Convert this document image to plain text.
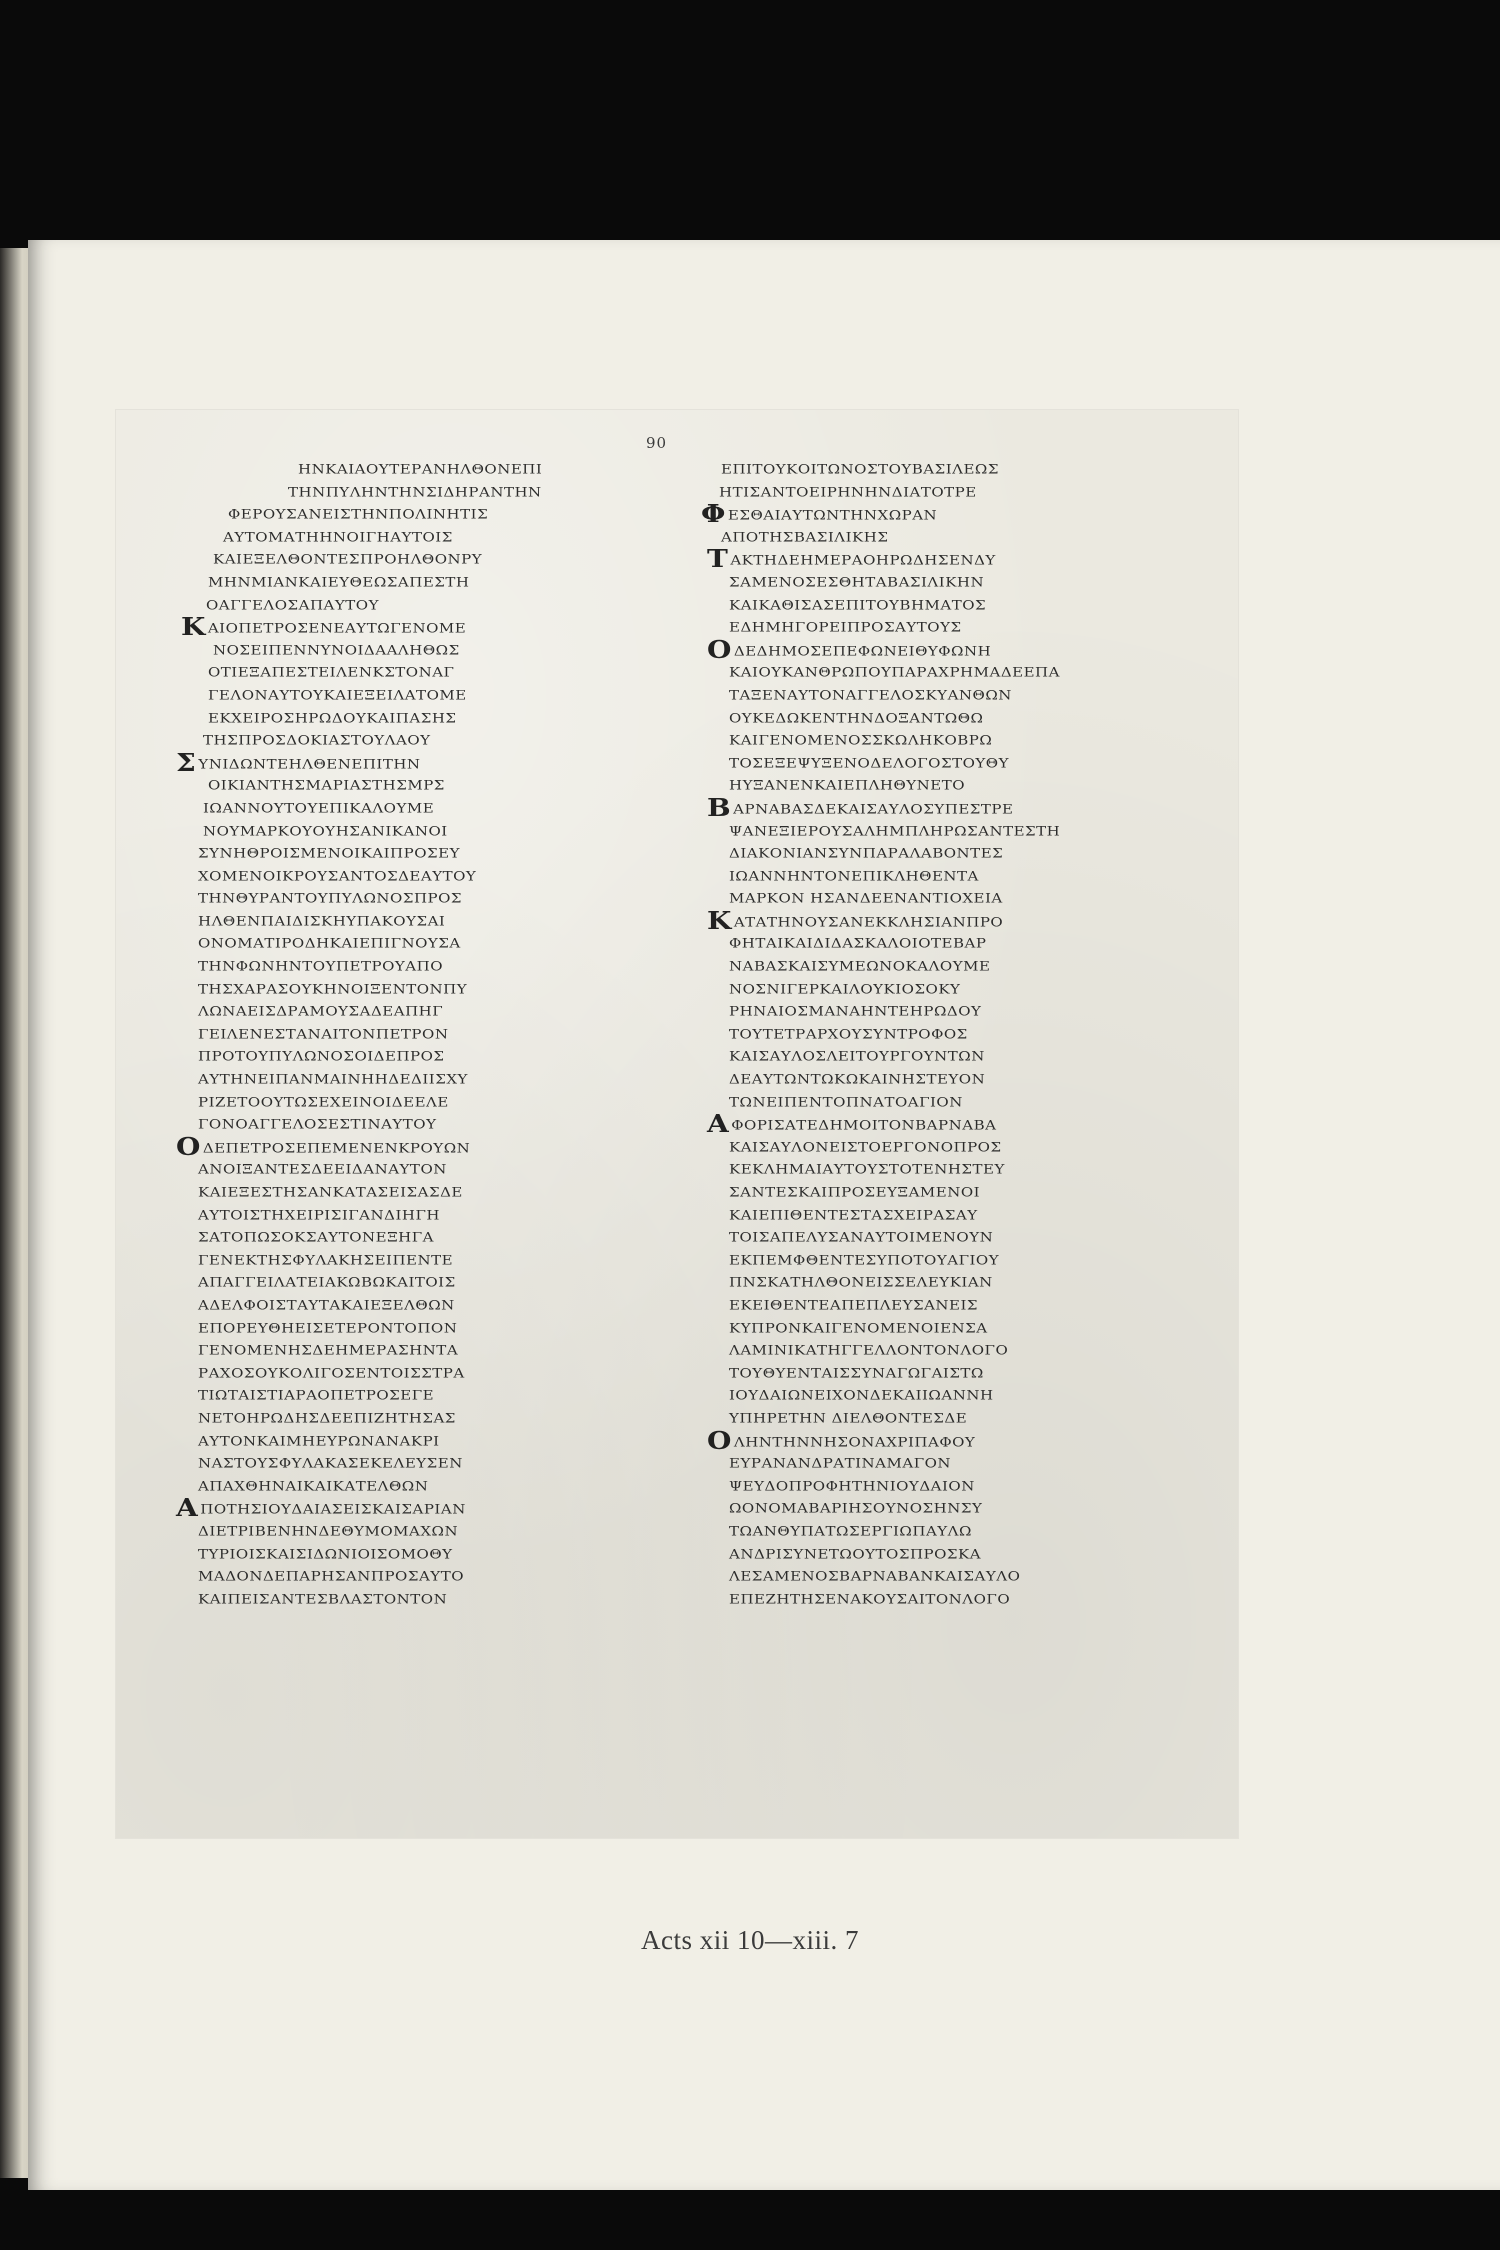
90
ΗΝΚΑΙΑΟΥΤΕΡΑΝΗΛΘΟΝΕΠΙ
ΤΗΝΠΥΛΗΝΤΗΝΣΙΔΗΡΑΝΤΗΝ
ΦΕΡΟΥΣΑΝΕΙΣΤΗΝΠΟΛΙΝΗΤΙΣ
ΑΥΤΟΜΑΤΗΗΝΟΙΓΗΑΥΤΟΙΣ
ΚΑΙΕΞΕΛΘΟΝΤΕΣΠΡΟΗΛΘΟΝΡΥ
ΜΗΝΜΙΑΝΚΑΙΕΥΘΕΩΣΑΠΕΣΤΗ
ΟΑΓΓΕΛΟΣΑΠΑΥΤΟΥ
Κ ΑΙΟΠΕΤΡΟΣΕΝΕΑΥΤΩΓΕΝΟΜΕ
ΝΟΣΕΙΠΕΝΝΥΝΟΙΔΑΑΛΗΘΩΣ
ΟΤΙΕΞΑΠΕΣΤΕΙΛΕΝΚΣΤΟΝΑΓ
ΓΕΛΟΝΑΥΤΟΥΚΑΙΕΞΕΙΛΑΤΟΜΕ
ΕΚΧΕΙΡΟΣΗΡΩΔΟΥΚΑΙΠΑΣΗΣ
ΤΗΣΠΡΟΣΔΟΚΙΑΣΤΟΥΛΑΟΥ
Σ ΥΝΙΔΩΝΤΕΗΛΘΕΝΕΠΙΤΗΝ
ΟΙΚΙΑΝΤΗΣΜΑΡΙΑΣΤΗΣΜΡΣ
ΙΩΑΝΝΟΥΤΟΥΕΠΙΚΑΛΟΥΜΕ
ΝΟΥΜΑΡΚΟΥΟΥΗΣΑΝΙΚΑΝΟΙ
ΣΥΝΗΘΡΟΙΣΜΕΝΟΙΚΑΙΠΡΟΣΕΥ
ΧΟΜΕΝΟΙΚΡΟΥΣΑΝΤΟΣΔΕΑΥΤΟΥ
ΤΗΝΘΥΡΑΝΤΟΥΠΥΛΩΝΟΣΠΡΟΣ
ΗΛΘΕΝΠΑΙΔΙΣΚΗΥΠΑΚΟΥΣΑΙ
ΟΝΟΜΑΤΙΡΟΔΗΚΑΙΕΠΙΓΝΟΥΣΑ
ΤΗΝΦΩΝΗΝΤΟΥΠΕΤΡΟΥΑΠΟ
ΤΗΣΧΑΡΑΣΟΥΚΗΝΟΙΞΕΝΤΟΝΠΥ
ΛΩΝΑΕΙΣΔΡΑΜΟΥΣΑΔΕΑΠΗΓ
ΓΕΙΛΕΝΕΣΤΑΝΑΙΤΟΝΠΕΤΡΟΝ
ΠΡΟΤΟΥΠΥΛΩΝΟΣΟΙΔΕΠΡΟΣ
ΑΥΤΗΝΕΙΠΑΝΜΑΙΝΗΗΔΕΔΙΙΣΧΥ
ΡΙΖΕΤΟΟΥΤΩΣΕΧΕΙΝΟΙΔΕΕΛΕ
ΓΟΝΟΑΓΓΕΛΟΣΕΣΤΙΝΑΥΤΟΥ
Ο ΔΕΠΕΤΡΟΣΕΠΕΜΕΝΕΝΚΡΟΥΩΝ
ΑΝΟΙΞΑΝΤΕΣΔΕΕΙΔΑΝΑΥΤΟΝ
ΚΑΙΕΞΕΣΤΗΣΑΝΚΑΤΑΣΕΙΣΑΣΔΕ
ΑΥΤΟΙΣΤΗΧΕΙΡΙΣΙΓΑΝΔΙΗΓΗ
ΣΑΤΟΠΩΣΟΚΣΑΥΤΟΝΕΞΗΓΑ
ΓΕΝΕΚΤΗΣΦΥΛΑΚΗΣΕΙΠΕΝΤΕ
ΑΠΑΓΓΕΙΛΑΤΕΙΑΚΩΒΩΚΑΙΤΟΙΣ
ΑΔΕΛΦΟΙΣΤΑΥΤΑΚΑΙΕΞΕΛΘΩΝ
ΕΠΟΡΕΥΘΗΕΙΣΕΤΕΡΟΝΤΟΠΟΝ
ΓΕΝΟΜΕΝΗΣΔΕΗΜΕΡΑΣΗΝΤΑ
ΡΑΧΟΣΟΥΚΟΛΙΓΟΣΕΝΤΟΙΣΣΤΡΑ
ΤΙΩΤΑΙΣΤΙΑΡΑΟΠΕΤΡΟΣΕΓΕ
ΝΕΤΟΗΡΩΔΗΣΔΕΕΠΙΖΗΤΗΣΑΣ
ΑΥΤΟΝΚΑΙΜΗΕΥΡΩΝΑΝΑΚΡΙ
ΝΑΣΤΟΥΣΦΥΛΑΚΑΣΕΚΕΛΕΥΣΕΝ
ΑΠΑΧΘΗΝΑΙΚΑΙΚΑΤΕΛΘΩΝ
Α ΠΟΤΗΣΙΟΥΔΑΙΑΣΕΙΣΚΑΙΣΑΡΙΑΝ
ΔΙΕΤΡΙΒΕΝΗΝΔΕΘΥΜΟΜΑΧΩΝ
ΤΥΡΙΟΙΣΚΑΙΣΙΔΩΝΙΟΙΣΟΜΟΘΥ
ΜΑΔΟΝΔΕΠΑΡΗΣΑΝΠΡΟΣΑΥΤΟ
ΚΑΙΠΕΙΣΑΝΤΕΣΒΛΑΣΤΟΝΤΟΝ
ΕΠΙΤΟΥΚΟΙΤΩΝΟΣΤΟΥΒΑΣΙΛΕΩΣ
ΗΤΙΣΑΝΤΟΕΙΡΗΝΗΝΔΙΑΤΟΤΡΕ
Φ ΕΣΘΑΙΑΥΤΩΝΤΗΝΧΩΡΑΝ
ΑΠΟΤΗΣΒΑΣΙΛΙΚΗΣ
Τ ΑΚΤΗΔΕΗΜΕΡΑΟΗΡΩΔΗΣΕΝΔΥ
ΣΑΜΕΝΟΣΕΣΘΗΤΑΒΑΣΙΛΙΚΗΝ
ΚΑΙΚΑΘΙΣΑΣΕΠΙΤΟΥΒΗΜΑΤΟΣ
ΕΔΗΜΗΓΟΡΕΙΠΡΟΣΑΥΤΟΥΣ
Ο ΔΕΔΗΜΟΣΕΠΕΦΩΝΕΙΘΥΦΩΝΗ
ΚΑΙΟΥΚΑΝΘΡΩΠΟΥΠΑΡΑΧΡΗΜΑΔΕΕΠΑ
ΤΑΞΕΝΑΥΤΟΝΑΓΓΕΛΟΣΚΥΑΝΘΩΝ
ΟΥΚΕΔΩΚΕΝΤΗΝΔΟΞΑΝΤΩΘΩ
ΚΑΙΓΕΝΟΜΕΝΟΣΣΚΩΛΗΚΟΒΡΩ
ΤΟΣΕΞΕΨΥΞΕΝΟΔΕΛΟΓΟΣΤΟΥΘΥ
ΗΥΞΑΝΕΝΚΑΙΕΠΛΗΘΥΝΕΤΟ
Β ΑΡΝΑΒΑΣΔΕΚΑΙΣΑΥΛΟΣΥΠΕΣΤΡΕ
ΨΑΝΕΞΙΕΡΟΥΣΑΛΗΜΠΛΗΡΩΣΑΝΤΕΣΤΗ
ΔΙΑΚΟΝΙΑΝΣΥΝΠΑΡΑΛΑΒΟΝΤΕΣ
ΙΩΑΝΝΗΝΤΟΝΕΠΙΚΛΗΘΕΝΤΑ
ΜΑΡΚΟΝ ΗΣΑΝΔΕΕΝΑΝΤΙΟΧΕΙΑ
Κ ΑΤΑΤΗΝΟΥΣΑΝΕΚΚΛΗΣΙΑΝΠΡΟ
ΦΗΤΑΙΚΑΙΔΙΔΑΣΚΑΛΟΙΟΤΕΒΑΡ
ΝΑΒΑΣΚΑΙΣΥΜΕΩΝΟΚΑΛΟΥΜΕ
ΝΟΣΝΙΓΕΡΚΑΙΛΟΥΚΙΟΣΟΚΥ
ΡΗΝΑΙΟΣΜΑΝΑΗΝΤΕΗΡΩΔΟΥ
ΤΟΥΤΕΤΡΑΡΧΟΥΣΥΝΤΡΟΦΟΣ
ΚΑΙΣΑΥΛΟΣΛΕΙΤΟΥΡΓΟΥΝΤΩΝ
ΔΕΑΥΤΩΝΤΩΚΩΚΑΙΝΗΣΤΕΥΟΝ
ΤΩΝΕΙΠΕΝΤΟΠΝΑΤΟΑΓΙΟΝ
Α ΦΟΡΙΣΑΤΕΔΗΜΟΙΤΟΝΒΑΡΝΑΒΑ
ΚΑΙΣΑΥΛΟΝΕΙΣΤΟΕΡΓΟΝΟΠΡΟΣ
ΚΕΚΛΗΜΑΙΑΥΤΟΥΣΤΟΤΕΝΗΣΤΕΥ
ΣΑΝΤΕΣΚΑΙΠΡΟΣΕΥΞΑΜΕΝΟΙ
ΚΑΙΕΠΙΘΕΝΤΕΣΤΑΣΧΕΙΡΑΣΑΥ
ΤΟΙΣΑΠΕΛΥΣΑΝΑΥΤΟΙΜΕΝΟΥΝ
ΕΚΠΕΜΦΘΕΝΤΕΣΥΠΟΤΟΥΑΓΙΟΥ
ΠΝΣΚΑΤΗΛΘΟΝΕΙΣΣΕΛΕΥΚΙΑΝ
ΕΚΕΙΘΕΝΤΕΑΠΕΠΛΕΥΣΑΝΕΙΣ
ΚΥΠΡΟΝΚΑΙΓΕΝΟΜΕΝΟΙΕΝΣΑ
ΛΑΜΙΝΙΚΑΤΗΓΓΕΛΛΟΝΤΟΝΛΟΓΟ
ΤΟΥΘΥΕΝΤΑΙΣΣΥΝΑΓΩΓΑΙΣΤΩ
ΙΟΥΔΑΙΩΝΕΙΧΟΝΔΕΚΑΙΙΩΑΝΝΗ
ΥΠΗΡΕΤΗΝ ΔΙΕΛΘΟΝΤΕΣΔΕ
Ο ΛΗΝΤΗΝΝΗΣΟΝΑΧΡΙΠΑΦΟΥ
ΕΥΡΑΝΑΝΔΡΑΤΙΝΑΜΑΓΟΝ
ΨΕΥΔΟΠΡΟΦΗΤΗΝΙΟΥΔΑΙΟΝ
ΩΟΝΟΜΑΒΑΡΙΗΣΟΥΝΟΣΗΝΣΥ
ΤΩΑΝΘΥΠΑΤΩΣΕΡΓΙΩΠΑΥΛΩ
ΑΝΔΡΙΣΥΝΕΤΩΟΥΤΟΣΠΡΟΣΚΑ
ΛΕΣΑΜΕΝΟΣΒΑΡΝΑΒΑΝΚΑΙΣΑΥΛΟ
ΕΠΕΖΗΤΗΣΕΝΑΚΟΥΣΑΙΤΟΝΛΟΓΟ
Acts xii 10—xiii. 7
